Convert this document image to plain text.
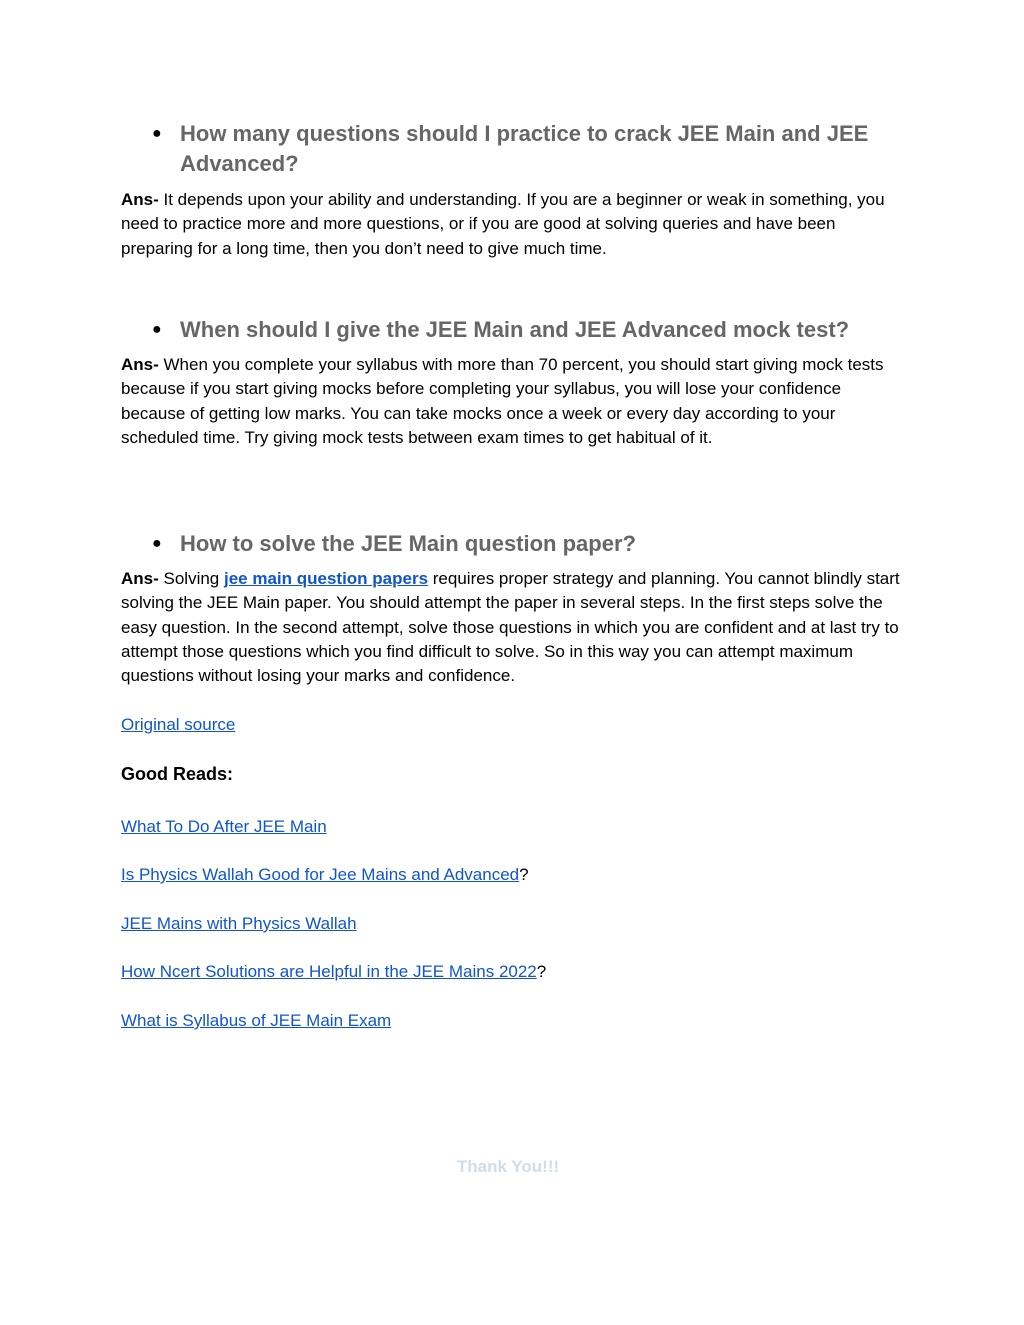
● How many questions should I practice to crack JEE Main and JEE Advanced?

Ans- It depends upon your ability and understanding. If you are a beginner or weak in something, you need to practice more and more questions, or if you are good at solving queries and have been preparing for a long time, then you don’t need to give much time.

● When should I give the JEE Main and JEE Advanced mock test?

Ans- When you complete your syllabus with more than 70 percent, you should start giving mock tests because if you start giving mocks before completing your syllabus, you will lose your confidence because of getting low marks. You can take mocks once a week or every day according to your scheduled time. Try giving mock tests between exam times to get habitual of it.

● How to solve the JEE Main question paper?

Ans- Solving jee main question papers requires proper strategy and planning. You cannot blindly start solving the JEE Main paper. You should attempt the paper in several steps. In the first steps solve the easy question. In the second attempt, solve those questions in which you are confident and at last try to attempt those questions which you find difficult to solve. So in this way you can attempt maximum questions without losing your marks and confidence.

Original source

Good Reads:

What To Do After JEE Main

Is Physics Wallah Good for Jee Mains and Advanced?

JEE Mains with Physics Wallah

How Ncert Solutions are Helpful in the JEE Mains 2022?

What is Syllabus of JEE Main Exam

Thank You!!!
